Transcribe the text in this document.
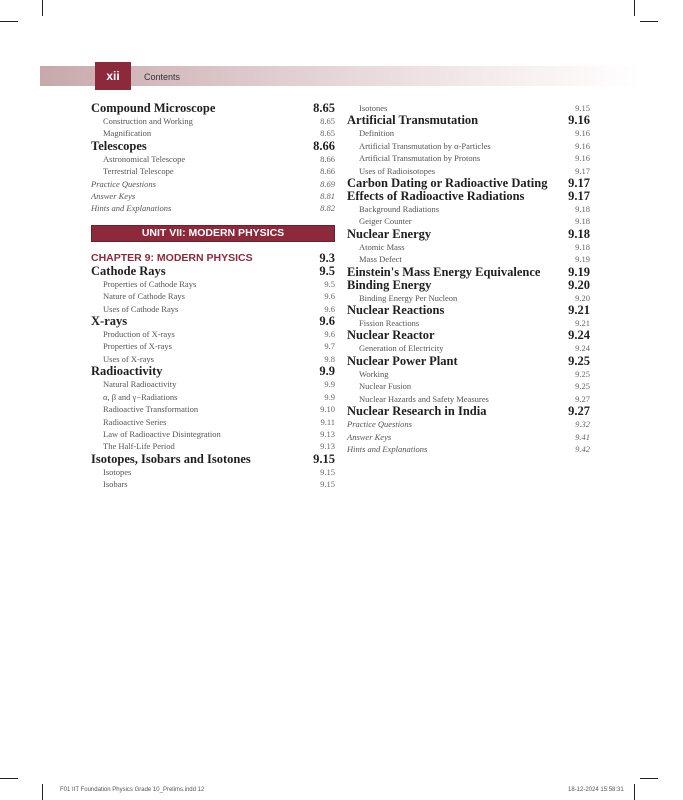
xii	Contents
Compound Microscope	8.65
Construction and Working	8.65
Magnification	8.65
Telescopes	8.66
Astronomical Telescope	8.66
Terrestrial Telescope	8.66
Practice Questions	8.69
Answer Keys	8.81
Hints and Explanations	8.82
UNIT VII: MODERN PHYSICS
CHAPTER 9: MODERN PHYSICS	9.3
Cathode Rays	9.5
Properties of Cathode Rays	9.5
Nature of Cathode Rays	9.6
Uses of Cathode Rays	9.6
X-rays	9.6
Production of X-rays	9.6
Properties of X-rays	9.7
Uses of X-rays	9.8
Radioactivity	9.9
Natural Radioactivity	9.9
α, β and γ−Radiations	9.9
Radioactive Transformation	9.10
Radioactive Series	9.11
Law of Radioactive Disintegration	9.13
The Half-Life Period	9.13
Isotopes, Isobars and Isotones	9.15
Isotopes	9.15
Isobars	9.15
Isotones	9.15
Artificial Transmutation	9.16
Definition	9.16
Artificial Transmutation by α-Particles	9.16
Artificial Transmutation by Protons	9.16
Uses of Radioisotopes	9.17
Carbon Dating or Radioactive Dating	9.17
Effects of Radioactive Radiations	9.17
Background Radiations	9.18
Geiger Counter	9.18
Nuclear Energy	9.18
Atomic Mass	9.18
Mass Defect	9.19
Einstein's Mass Energy Equivalence	9.19
Binding Energy	9.20
Binding Energy Per Nucleon	9.20
Nuclear Reactions	9.21
Fission Reactions	9.21
Nuclear Reactor	9.24
Generation of Electricity	9.24
Nuclear Power Plant	9.25
Working	9.25
Nuclear Fusion	9.25
Nuclear Hazards and Safety Measures	9.27
Nuclear Research in India	9.27
Practice Questions	9.32
Answer Keys	9.41
Hints and Explanations	9.42
F01 IIT Foundation Physics Grade 10_Prelims.indd 12	18-12-2024 15:58:31
